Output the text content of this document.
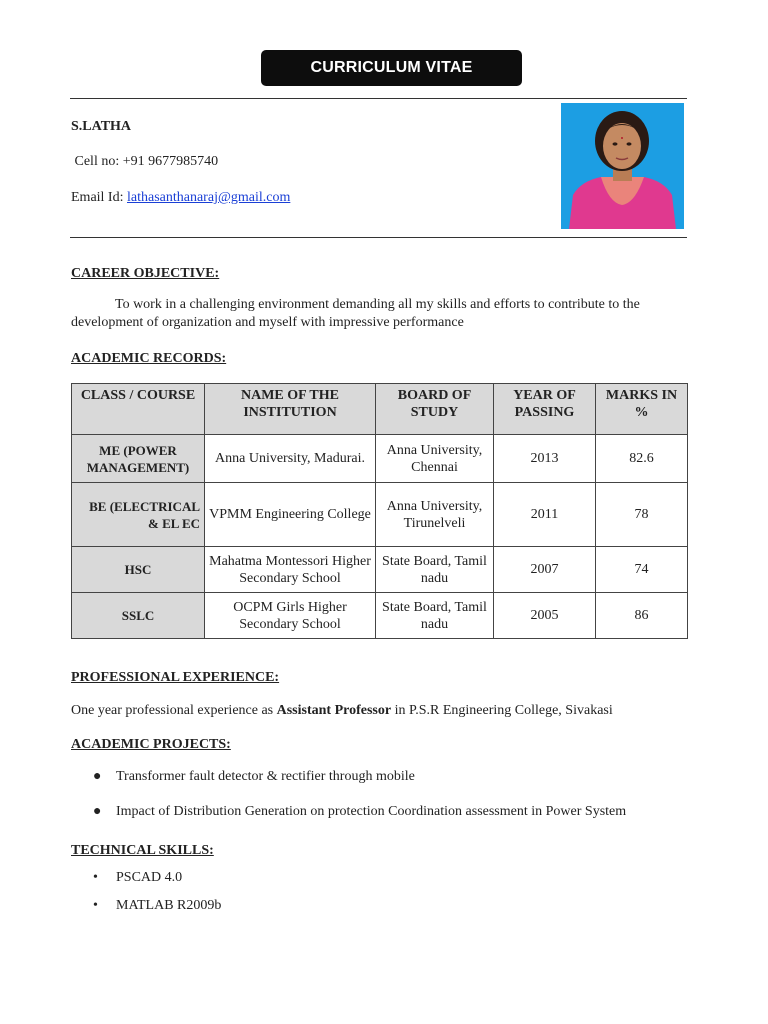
CURRICULUM VITAE
S.LATHA
Cell no: +91 9677985740
Email Id: lathasanthanaraj@gmail.com
CAREER OBJECTIVE:
To work in a challenging environment demanding all my skills and efforts to contribute to the development of organization and myself with impressive performance
ACADEMIC RECORDS:
CLASS / COURSE	NAME OF THE INSTITUTION	BOARD OF STUDY	YEAR OF PASSING	MARKS IN %
ME (POWER MANAGEMENT)	Anna University, Madurai.	Anna University, Chennai	2013	82.6
BE (ELECTRICAL & EL EC	VPMM Engineering College	Anna University, Tirunelveli	2011	78
HSC	Mahatma Montessori Higher Secondary School	State Board, Tamil nadu	2007	74
SSLC	OCPM Girls Higher Secondary School	State Board, Tamil nadu	2005	86
PROFESSIONAL EXPERIENCE:
One year professional experience as Assistant Professor in P.S.R Engineering College, Sivakasi
ACADEMIC PROJECTS:
● Transformer fault detector & rectifier through mobile
● Impact of Distribution Generation on protection Coordination assessment in Power System
TECHNICAL SKILLS:
• PSCAD 4.0
• MATLAB R2009b
